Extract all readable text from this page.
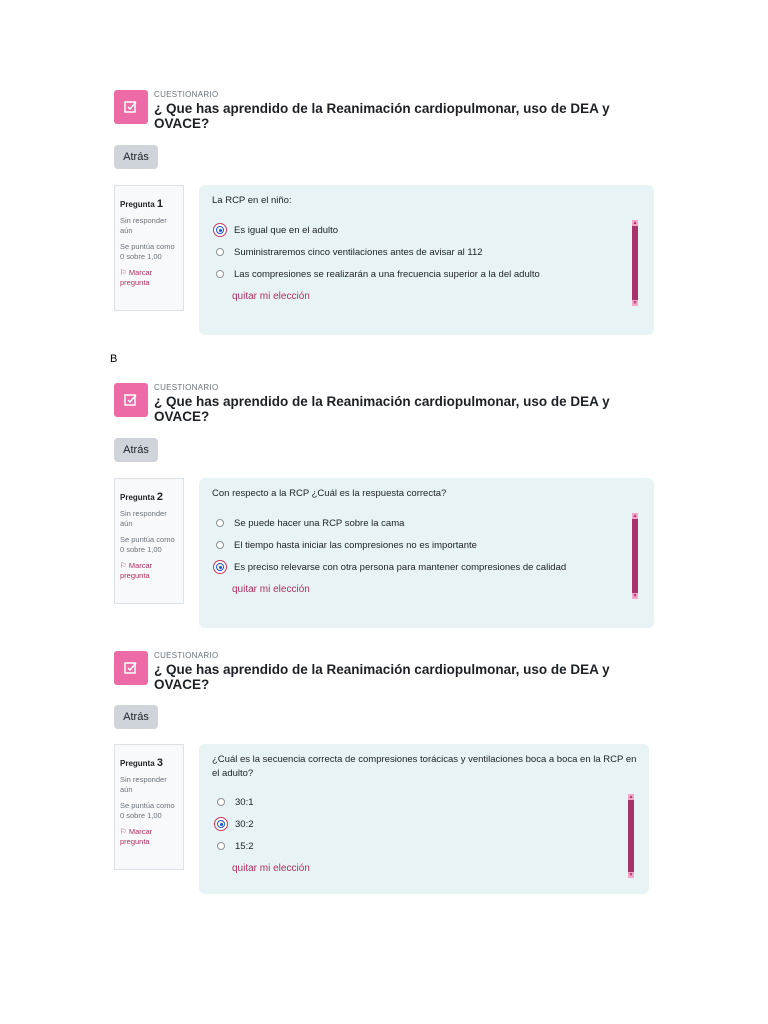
CUESTIONARIO
¿ Que has aprendido de la Reanimación cardiopulmonar, uso de DEA y OVACE?
Atrás
Pregunta 1
Sin responder aún
Se puntúa como 0 sobre 1,00
⚐ Marcar pregunta
La RCP en el niño:
Es igual que en el adulto
Suministraremos cinco ventilaciones antes de avisar al 112
Las compresiones se realizarán a una frecuencia superior a la del adulto
quitar mi elección
▲
▼
B
CUESTIONARIO
¿ Que has aprendido de la Reanimación cardiopulmonar, uso de DEA y OVACE?
Atrás
Pregunta 2
Sin responder aún
Se puntúa como 0 sobre 1,00
⚐ Marcar pregunta
Con respecto a la RCP ¿Cuál es la respuesta correcta?
Se puede hacer una RCP sobre la cama
El tiempo hasta iniciar las compresiones no es importante
Es preciso relevarse con otra persona para mantener compresiones de calidad
quitar mi elección
▲
▼
CUESTIONARIO
¿ Que has aprendido de la Reanimación cardiopulmonar, uso de DEA y OVACE?
Atrás
Pregunta 3
Sin responder aún
Se puntúa como 0 sobre 1,00
⚐ Marcar pregunta
¿Cuál es la secuencia correcta de compresiones torácicas y ventilaciones boca a boca en la RCP en el adulto?
30:1
30:2
15:2
quitar mi elección
▲
▼
